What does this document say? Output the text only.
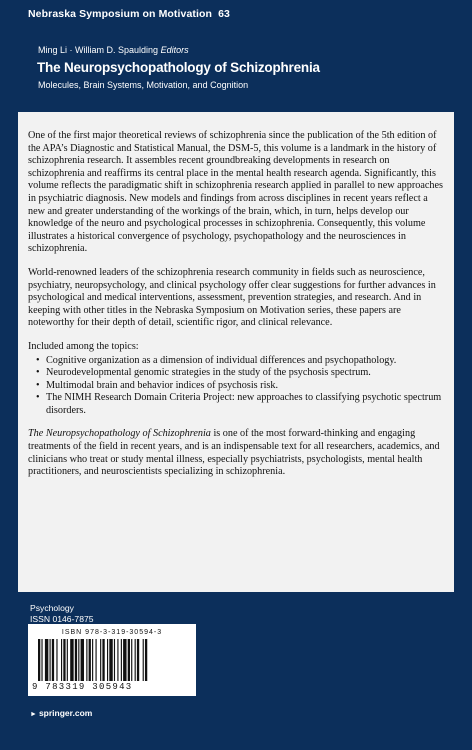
Nebraska Symposium on Motivation 63
Ming Li · William D. Spaulding Editors
The Neuropsychopathology of Schizophrenia
Molecules, Brain Systems, Motivation, and Cognition

One of the first major theoretical reviews of schizophrenia since the publication of the 5th edition of the APA’s Diagnostic and Statistical Manual, the DSM-5, this volume is a landmark in the history of schizophrenia research. It assembles recent groundbreaking developments in research on schizophrenia and reaffirms its central place in the mental health research agenda. Significantly, this volume reflects the paradigmatic shift in schizophrenia research applied in parallel to new approaches in psychiatric diagnosis. New models and findings from across disciplines in recent years reflect a new and greater understanding of the workings of the brain, which, in turn, helps develop our knowledge of the neuro and psychological processes in schizophrenia. Consequently, this volume illustrates a historical convergence of psychology, psychopathology and the neurosciences in schizophrenia.

World-renowned leaders of the schizophrenia research community in fields such as neuroscience, psychiatry, neuropsychology, and clinical psychology offer clear suggestions for further advances in psychological and medical interventions, assessment, prevention strategies, and research. And in keeping with other titles in the Nebraska Symposium on Motivation series, these papers are noteworthy for their depth of detail, scientific rigor, and clinical relevance.

Included among the topics:

• Cognitive organization as a dimension of individual differences and psychopathology.
• Neurodevelopmental genomic strategies in the study of the psychosis spectrum.
• Multimodal brain and behavior indices of psychosis risk.
• The NIMH Research Domain Criteria Project: new approaches to classifying psychotic spectrum disorders.

The Neuropsychopathology of Schizophrenia is one of the most forward-thinking and engaging treatments of the field in recent years, and is an indispensable text for all researchers, academics, and clinicians who treat or study mental illness, especially psychiatrists, psychologists, mental health practitioners, and neuroscientists specializing in schizophrenia.

Psychology
ISSN 0146-7875
ISBN 978-3-319-30594-3
9 783319 305943
► springer.com
